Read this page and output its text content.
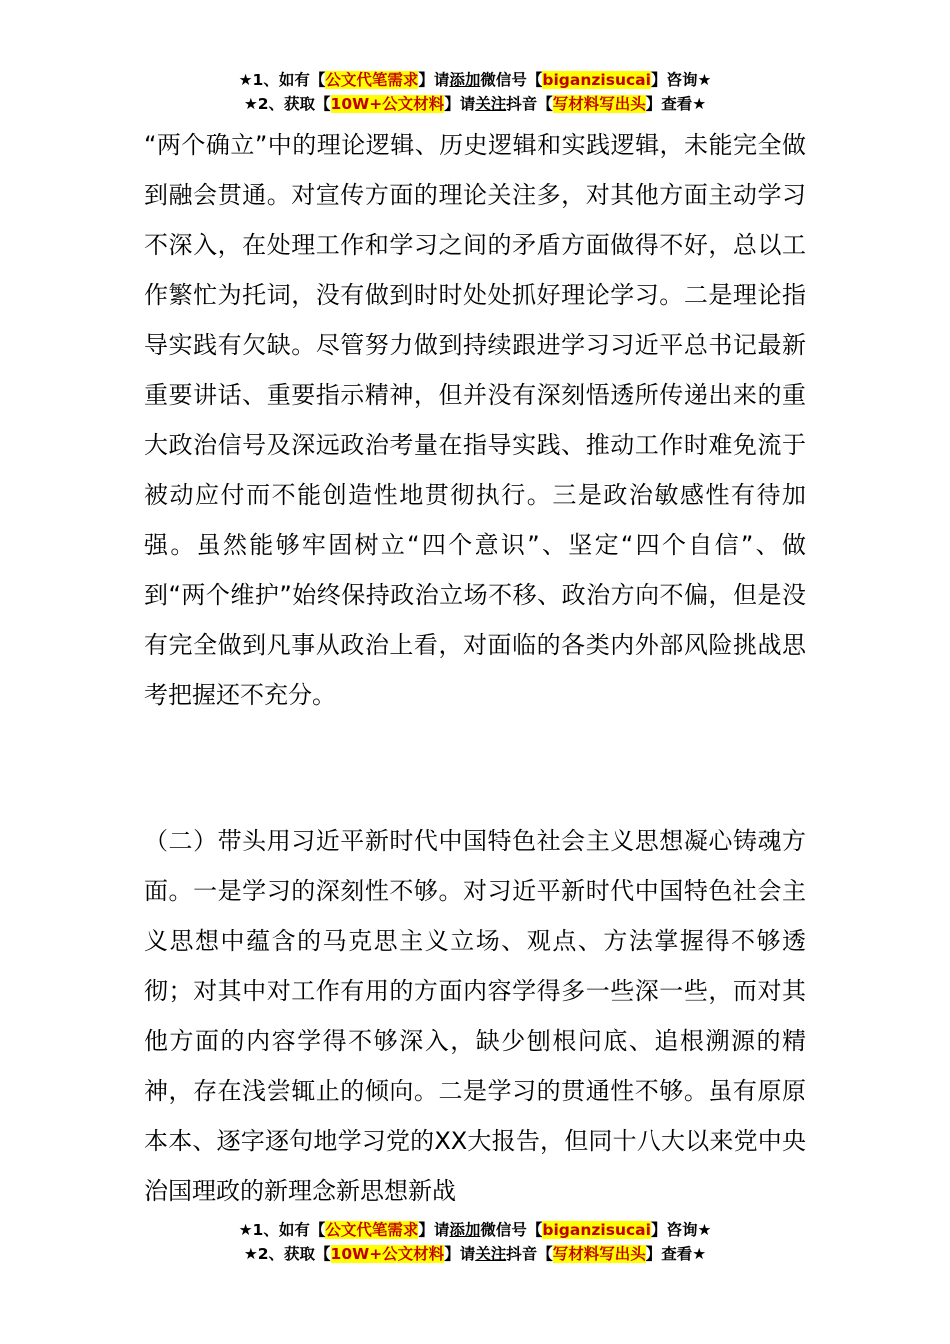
★1、如有【公文代笔需求】请添加微信号【biganzisucai】咨询★
★2、获取【10W+公文材料】请关注抖音【写材料写出头】查看★

“两个确立”中的理论逻辑、历史逻辑和实践逻辑，未能完全做到融会贯通。对宣传方面的理论关注多，对其他方面主动学习不深入，在处理工作和学习之间的矛盾方面做得不好，总以工作繁忙为托词，没有做到时时处处抓好理论学习。二是理论指导实践有欠缺。尽管努力做到持续跟进学习习近平总书记最新重要讲话、重要指示精神，但并没有深刻悟透所传递出来的重大政治信号及深远政治考量在指导实践、推动工作时难免流于被动应付而不能创造性地贯彻执行。三是政治敏感性有待加强。虽然能够牢固树立“四个意识”、坚定“四个自信”、做到“两个维护”始终保持政治立场不移、政治方向不偏，但是没有完全做到凡事从政治上看，对面临的各类内外部风险挑战思考把握还不充分。

（二）带头用习近平新时代中国特色社会主义思想凝心铸魂方面。一是学习的深刻性不够。对习近平新时代中国特色社会主义思想中蕴含的马克思主义立场、观点、方法掌握得不够透彻；对其中对工作有用的方面内容学得多一些深一些，而对其他方面的内容学得不够深入，缺少刨根问底、追根溯源的精神，存在浅尝辄止的倾向。二是学习的贯通性不够。虽有原原本本、逐字逐句地学习党的XX大报告，但同十八大以来党中央治国理政的新理念新思想新战

★1、如有【公文代笔需求】请添加微信号【biganzisucai】咨询★
★2、获取【10W+公文材料】请关注抖音【写材料写出头】查看★
